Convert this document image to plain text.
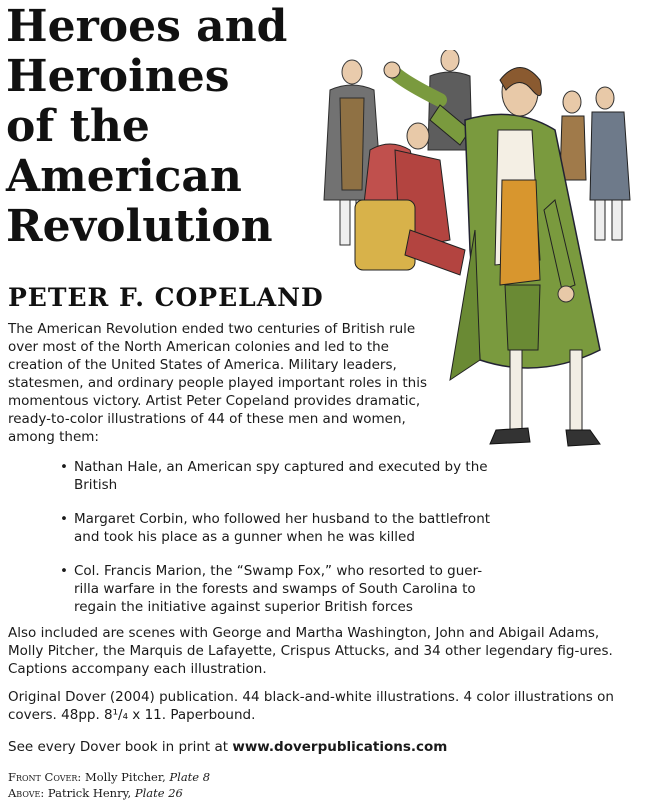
Heroes and
Heroines
of the
American
Revolution
PETER F. COPELAND
The American Revolution ended two centuries of British rule over most of the North American colonies and led to the creation of the United States of America. Military leaders, statesmen, and ordinary people played important roles in this momentous victory. Artist Peter Copeland provides dramatic, ready-to-color illustrations of 44 of these men and women, among them:
• Nathan Hale, an American spy captured and executed by the British
• Margaret Corbin, who followed her husband to the battlefront and took his place as a gunner when he was killed
• Col. Francis Marion, the “Swamp Fox,” who resorted to guer-rilla warfare in the forests and swamps of South Carolina to regain the initiative against superior British forces
Also included are scenes with George and Martha Washington, John and Abigail Adams, Molly Pitcher, the Marquis de Lafayette, Crispus Attucks, and 34 other legendary fig-ures. Captions accompany each illustration.
Original Dover (2004) publication. 44 black-and-white illustrations. 4 color illustrations on covers. 48pp. 8¹/₄ x 11. Paperbound.
See every Dover book in print at www.doverpublications.com
Front Cover: Molly Pitcher, Plate 8
Above: Patrick Henry, Plate 26
